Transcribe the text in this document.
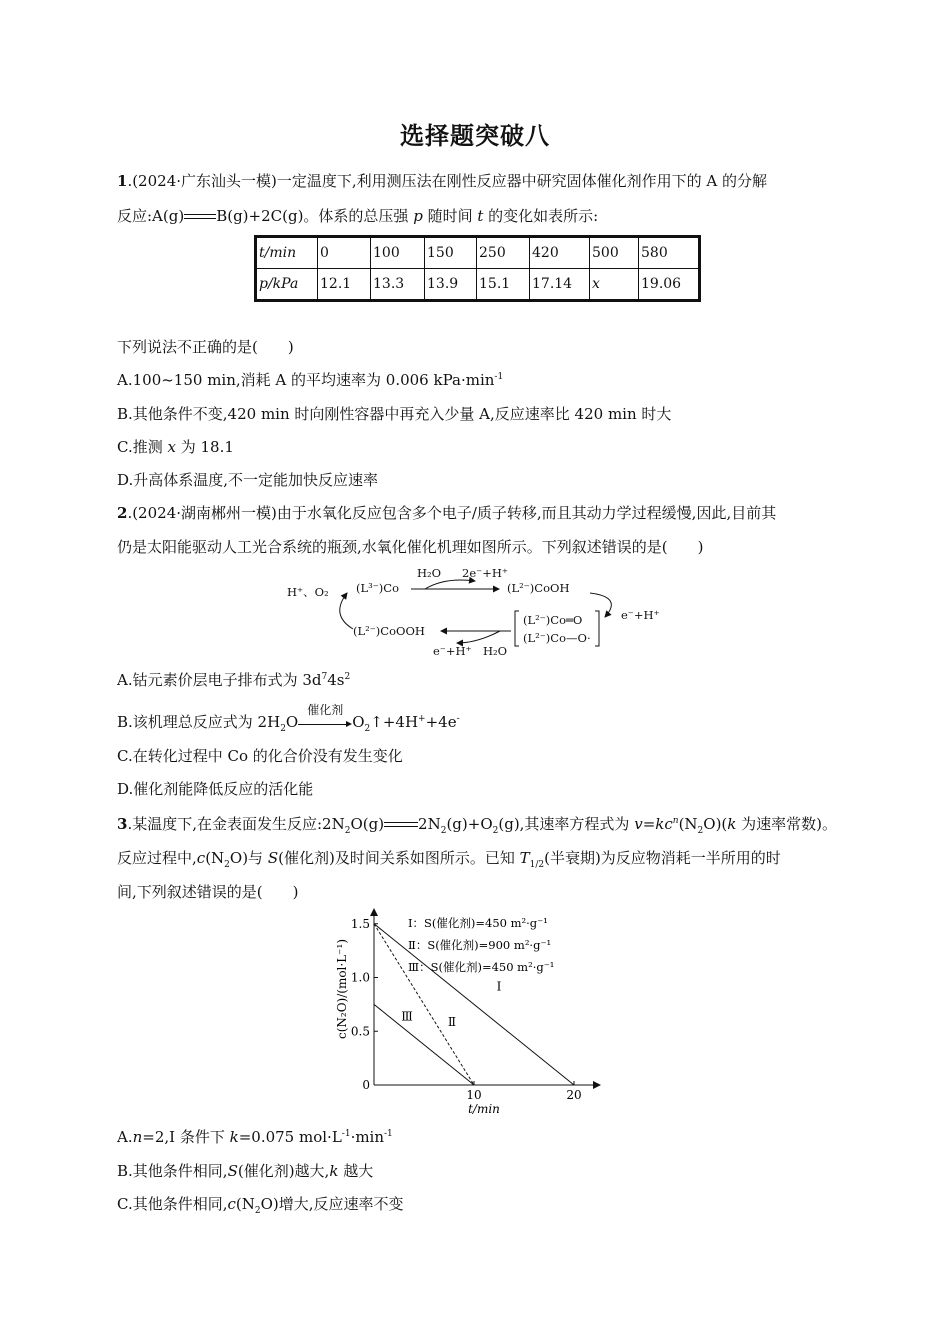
选择题突破八
1.(2024·广东汕头一模)一定温度下,利用测压法在刚性反应器中研究固体催化剂作用下的 A 的分解
反应:A(g) B(g)+2C(g)。体系的总压强 p 随时间 t 的变化如表所示:
t/min	0	100	150	250	420	500	580
p/kPa	12.1	13.3	13.9	15.1	17.14	x	19.06
下列说法不正确的是(　　)
A.100~150 min,消耗 A 的平均速率为 0.006 $kPa\cdot\min^{-1}$
B.其他条件不变,420 min 时向刚性容器中再充入少量 A,反应速率比 420 min 时大
C.推测 x 为 18.1
D.升高体系温度,不一定能加快反应速率
2.(2024·湖南郴州一模)由于水氧化反应包含多个电子/质子转移,而且其动力学过程缓慢,因此,目前其
仍是太阳能驱动人工光合系统的瓶颈,水氧化催化机理如图所示。下列叙述错误的是(　　)
H⁺、O₂ (L³⁻)Co
H₂O 2e⁻+H⁺
(L²⁻)CoOH
e⁻+H⁺
(L²⁻)Co═O
(L²⁻)Co—O·
(L²⁻)CoOOH
e⁻+H⁺ H₂O
A.钴元素价层电子排布式为 $3d^74s^2$
B.该机理总反应式为 $2H_2O$
催化剂
$O_2↑+4H^++4e^-$
C.在转化过程中 Co 的化合价没有发生变化
D.催化剂能降低反应的活化能
3.某温度下,在金表面发生反应$:2N_2O(g)$ $2N_2(g)+O_2(g)$,其速率方程式为 $v=kc^n(N_2O)(k$ 为速率常数)。
反应过程中$,c(N_2O)$与 S(催化剂)及时间关系如图所示。已知 $T_{1/2}$(半衰期)为反应物消耗一半所用的时
间,下列叙述错误的是(　　)
0
0.5
1.0
1.5
10	20
t/min
c(N₂O)/(mol·L⁻¹)	Ⅰ
Ⅱ
Ⅲ
Ⅰ：S(催化剂)=450 m²·g⁻¹
Ⅱ：S(催化剂)=900 m²·g⁻¹
Ⅲ：S(催化剂)=450 m²·g⁻¹
A.n=2,I 条件下 k=0.075 $mol\cdot L^{-1}\cdot\min^{-1}$
B.其他条件相同,S(催化剂)越大,k 越大
C.其他条件相同$,c(N_2O)$增大,反应速率不变
